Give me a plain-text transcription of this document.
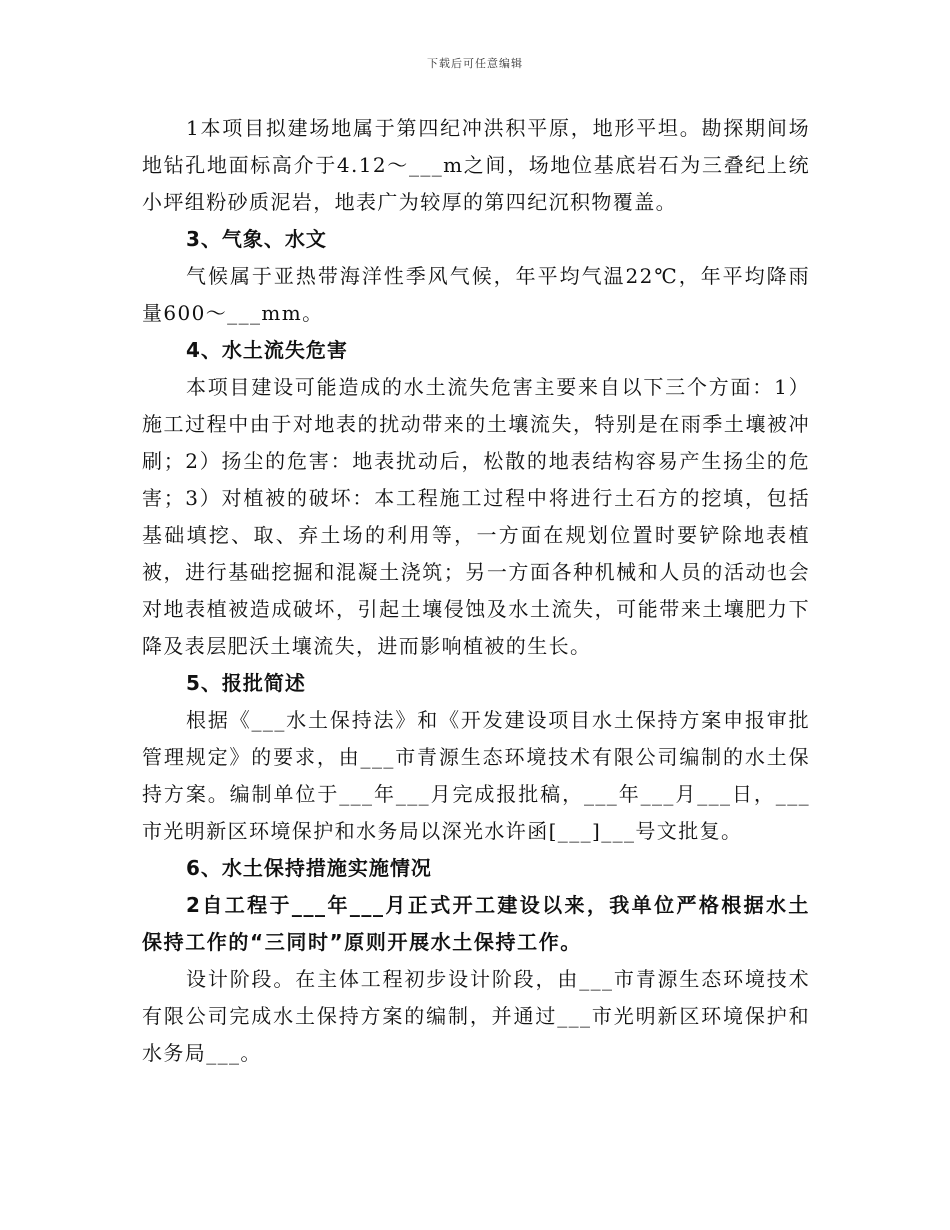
下载后可任意编辑

1本项目拟建场地属于第四纪冲洪积平原，地形平坦。勘探期间场地钻孔地面标高介于4.12～___m之间，场地位基底岩石为三叠纪上统小坪组粉砂质泥岩，地表广为较厚的第四纪沉积物覆盖。

3、气象、水文

气候属于亚热带海洋性季风气候，年平均气温22℃，年平均降雨量600～___mm。

4、水土流失危害

本项目建设可能造成的水土流失危害主要来自以下三个方面：1）施工过程中由于对地表的扰动带来的土壤流失，特别是在雨季土壤被冲刷；2）扬尘的危害：地表扰动后，松散的地表结构容易产生扬尘的危害；3）对植被的破坏：本工程施工过程中将进行土石方的挖填，包括基础填挖、取、弃土场的利用等，一方面在规划位置时要铲除地表植被，进行基础挖掘和混凝土浇筑；另一方面各种机械和人员的活动也会对地表植被造成破坏，引起土壤侵蚀及水土流失，可能带来土壤肥力下降及表层肥沃土壤流失，进而影响植被的生长。

5、报批简述

根据《___水土保持法》和《开发建设项目水土保持方案申报审批管理规定》的要求，由___市青源生态环境技术有限公司编制的水土保持方案。编制单位于___年___月完成报批稿，___年___月___日，___市光明新区环境保护和水务局以深光水许函[___]___号文批复。

6、水土保持措施实施情况

2自工程于___年___月正式开工建设以来，我单位严格根据水土保持工作的“三同时”原则开展水土保持工作。

设计阶段。在主体工程初步设计阶段，由___市青源生态环境技术有限公司完成水土保持方案的编制，并通过___市光明新区环境保护和水务局___。
